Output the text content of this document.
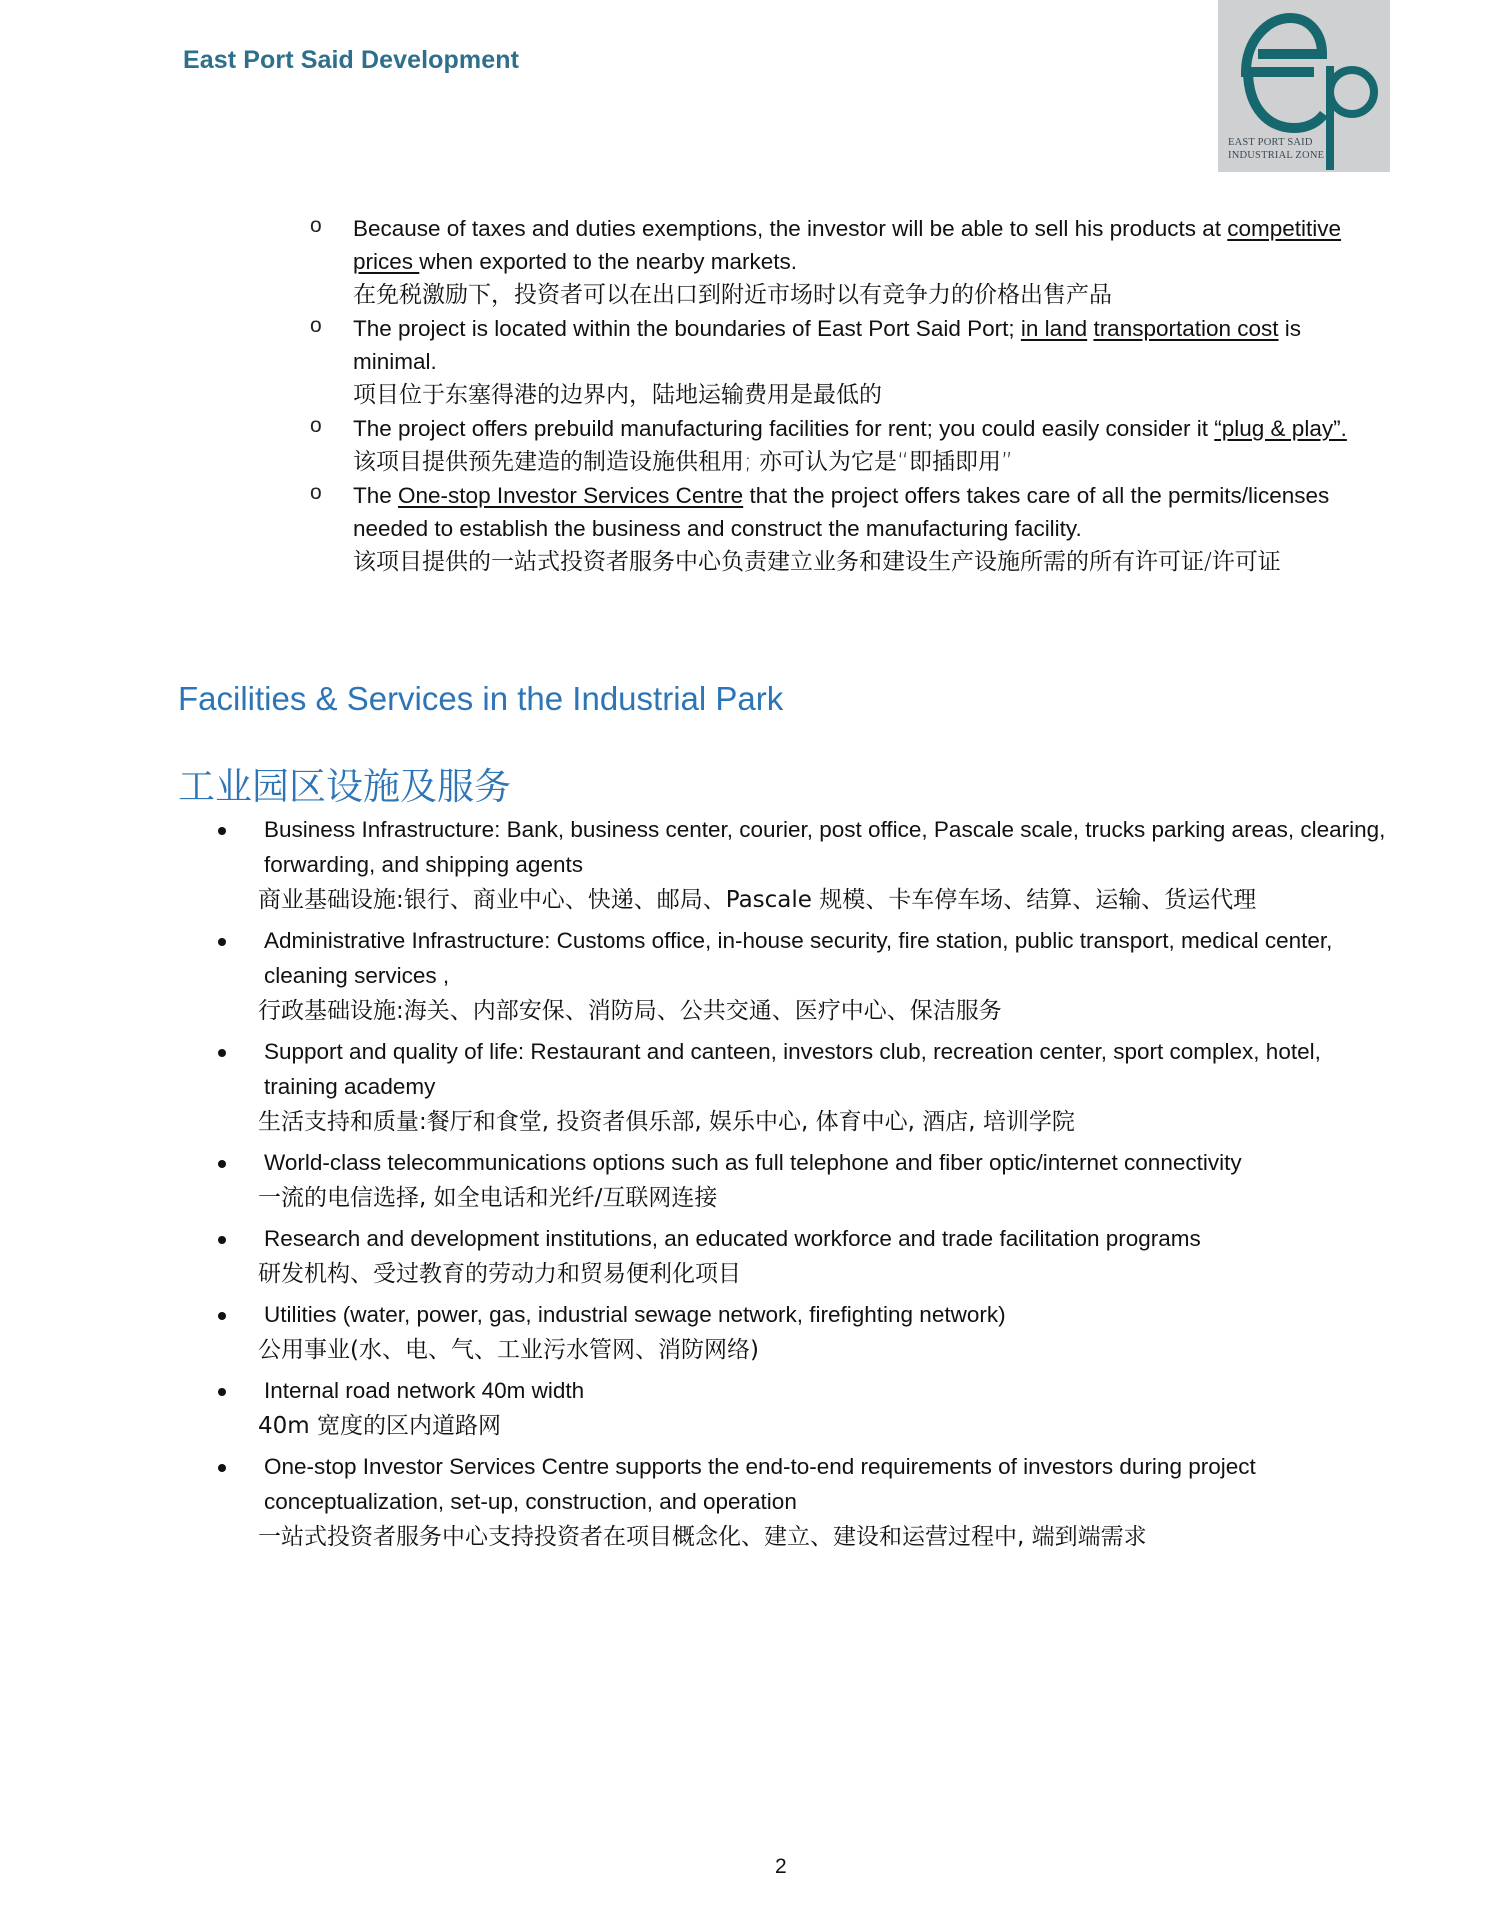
East Port Said Development
EAST PORT SAID
INDUSTRIAL ZONE
o Because of taxes and duties exemptions, the investor will be able to sell his products at competitive prices when exported to the nearby markets.
在免税激励下，投资者可以在出口到附近市场时以有竞争力的价格出售产品
o The project is located within the boundaries of East Port Said Port; in land transportation cost is minimal.
项目位于东塞得港的边界内，陆地运输费用是最低的
o The project offers prebuild manufacturing facilities for rent; you could easily consider it “plug & play”.
该项目提供预先建造的制造设施供租用; 亦可认为它是“即插即用”
o The One-stop Investor Services Centre that the project offers takes care of all the permits/licenses needed to establish the business and construct the manufacturing facility.
该项目提供的一站式投资者服务中心负责建立业务和建设生产设施所需的所有许可证/许可证
Facilities & Services in the Industrial Park
工业园区设施及服务
Business Infrastructure: Bank, business center, courier, post office, Pascale scale, trucks parking areas, clearing, forwarding, and shipping agents
商业基础设施:银行、商业中心、快递、邮局、Pascale 规模、卡车停车场、结算、运输、货运代理
Administrative Infrastructure: Customs office, in-house security, fire station, public transport, medical center, cleaning services ,
行政基础设施:海关、内部安保、消防局、公共交通、医疗中心、保洁服务
Support and quality of life: Restaurant and canteen, investors club, recreation center, sport complex, hotel, training academy
生活支持和质量:餐厅和食堂, 投资者俱乐部, 娱乐中心, 体育中心, 酒店, 培训学院
World-class telecommunications options such as full telephone and fiber optic/internet connectivity
一流的电信选择, 如全电话和光纤/互联网连接
Research and development institutions, an educated workforce and trade facilitation programs
研发机构、受过教育的劳动力和贸易便利化项目
Utilities (water, power, gas, industrial sewage network, firefighting network)
公用事业(水、电、气、工业污水管网、消防网络)
Internal road network 40m width
40m 宽度的区内道路网
One-stop Investor Services Centre supports the end-to-end requirements of investors during project conceptualization, set-up, construction, and operation
一站式投资者服务中心支持投资者在项目概念化、建立、建设和运营过程中, 端到端需求
2
